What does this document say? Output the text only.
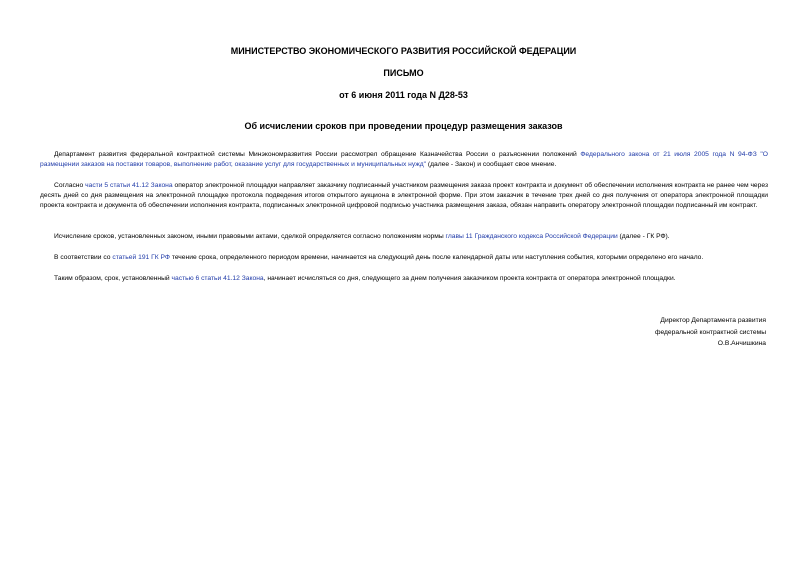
МИНИСТЕРСТВО ЭКОНОМИЧЕСКОГО РАЗВИТИЯ РОССИЙСКОЙ ФЕДЕРАЦИИ
ПИСЬМО
от 6 июня 2011 года N Д28-53
Об исчислении сроков при проведении процедур размещения заказов
Департамент развития федеральной контрактной системы Минэкономразвития России рассмотрел обращение Казначейства России о разъяснении положений Федерального закона от 21 июля 2005 года N 94-ФЗ "О размещении заказов на поставки товаров, выполнение работ, оказание услуг для государственных и муниципальных нужд" (далее - Закон) и сообщает свое мнение.
Согласно части 5 статьи 41.12 Закона оператор электронной площадки направляет заказчику подписанный участником размещения заказа проект контракта и документ об обеспечении исполнения контракта не ранее чем через десять дней со дня размещения на электронной площадке протокола подведения итогов открытого аукциона в электронной форме. При этом заказчик в течение трех дней со дня получения от оператора электронной площадки проекта контракта и документа об обеспечении исполнения контракта, подписанных электронной цифровой подписью участника размещения заказа, обязан направить оператору электронной площадки подписанный им контракт.
Исчисление сроков, установленных законом, иными правовыми актами, сделкой определяется согласно положениям нормы главы 11 Гражданского кодекса Российской Федерации (далее - ГК РФ).
В соответствии со статьей 191 ГК РФ течение срока, определенного периодом времени, начинается на следующий день после календарной даты или наступления события, которыми определено его начало.
Таким образом, срок, установленный частью 6 статьи 41.12 Закона, начинает исчисляться со дня, следующего за днем получения заказчиком проекта контракта от оператора электронной площадки.
Директор Департамента развития
федеральной контрактной системы
О.В.Анчишкина
